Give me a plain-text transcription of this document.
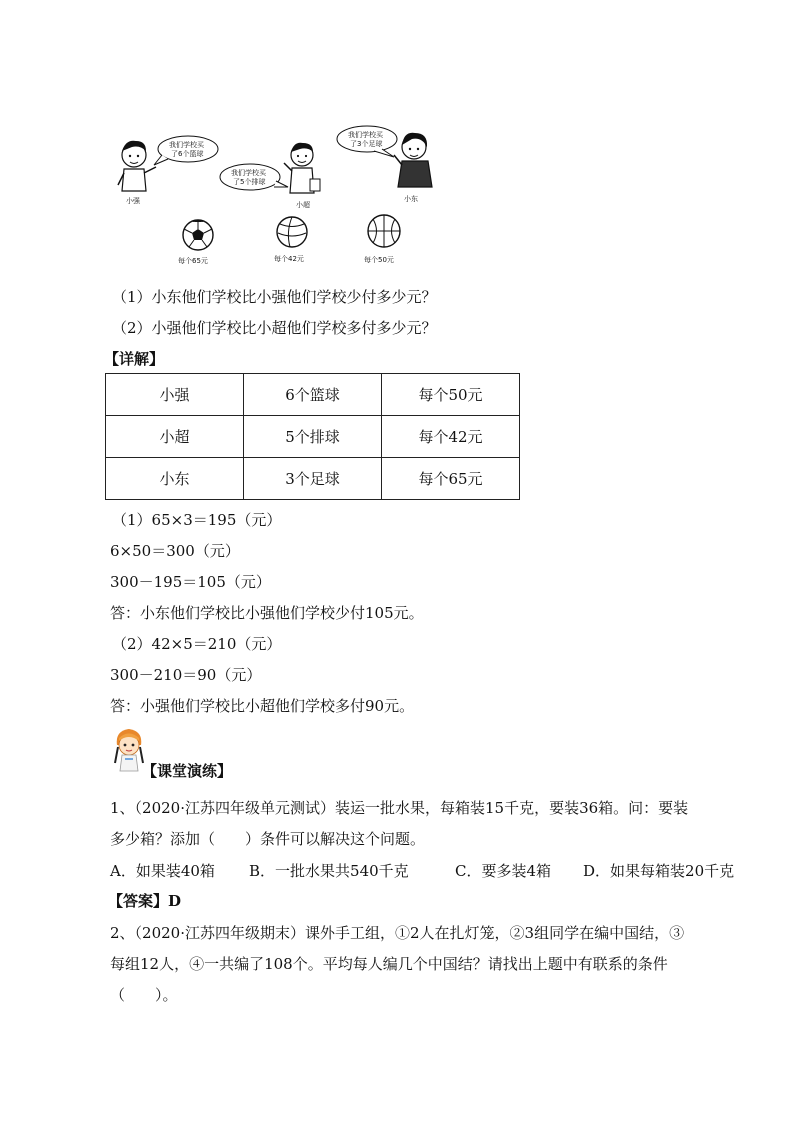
小强
我们学校买
了6个篮球
我们学校买
了5个排球
小超
我们学校买
了3个足球
小东
每个65元	每个42元	每个50元
（1）小东他们学校比小强他们学校少付多少元？
（2）小强他们学校比小超他们学校多付多少元？
【详解】
小强	6个篮球	每个50元
小超	5个排球	每个42元
小东	3个足球	每个65元
（1）65×3＝195（元）
6×50＝300（元）
300－195＝105（元）
答：小东他们学校比小强他们学校少付105元。
（2）42×5＝210（元）
300－210＝90（元）
答：小强他们学校比小超他们学校多付90元。
【课堂演练】
1、（2020·江苏四年级单元测试）装运一批水果，每箱装15千克，要装36箱。问：要装
多少箱？添加（　　）条件可以解决这个问题。
A．如果装40箱 B．一批水果共540千克	C．要多装4箱 D．如果每箱装20千克
【答案】D
2、（2020·江苏四年级期末）课外手工组，①2人在扎灯笼，②3组同学在编中国结，③
每组12人，④一共编了108个。平均每人编几个中国结？请找出上题中有联系的条件
（　　）。
